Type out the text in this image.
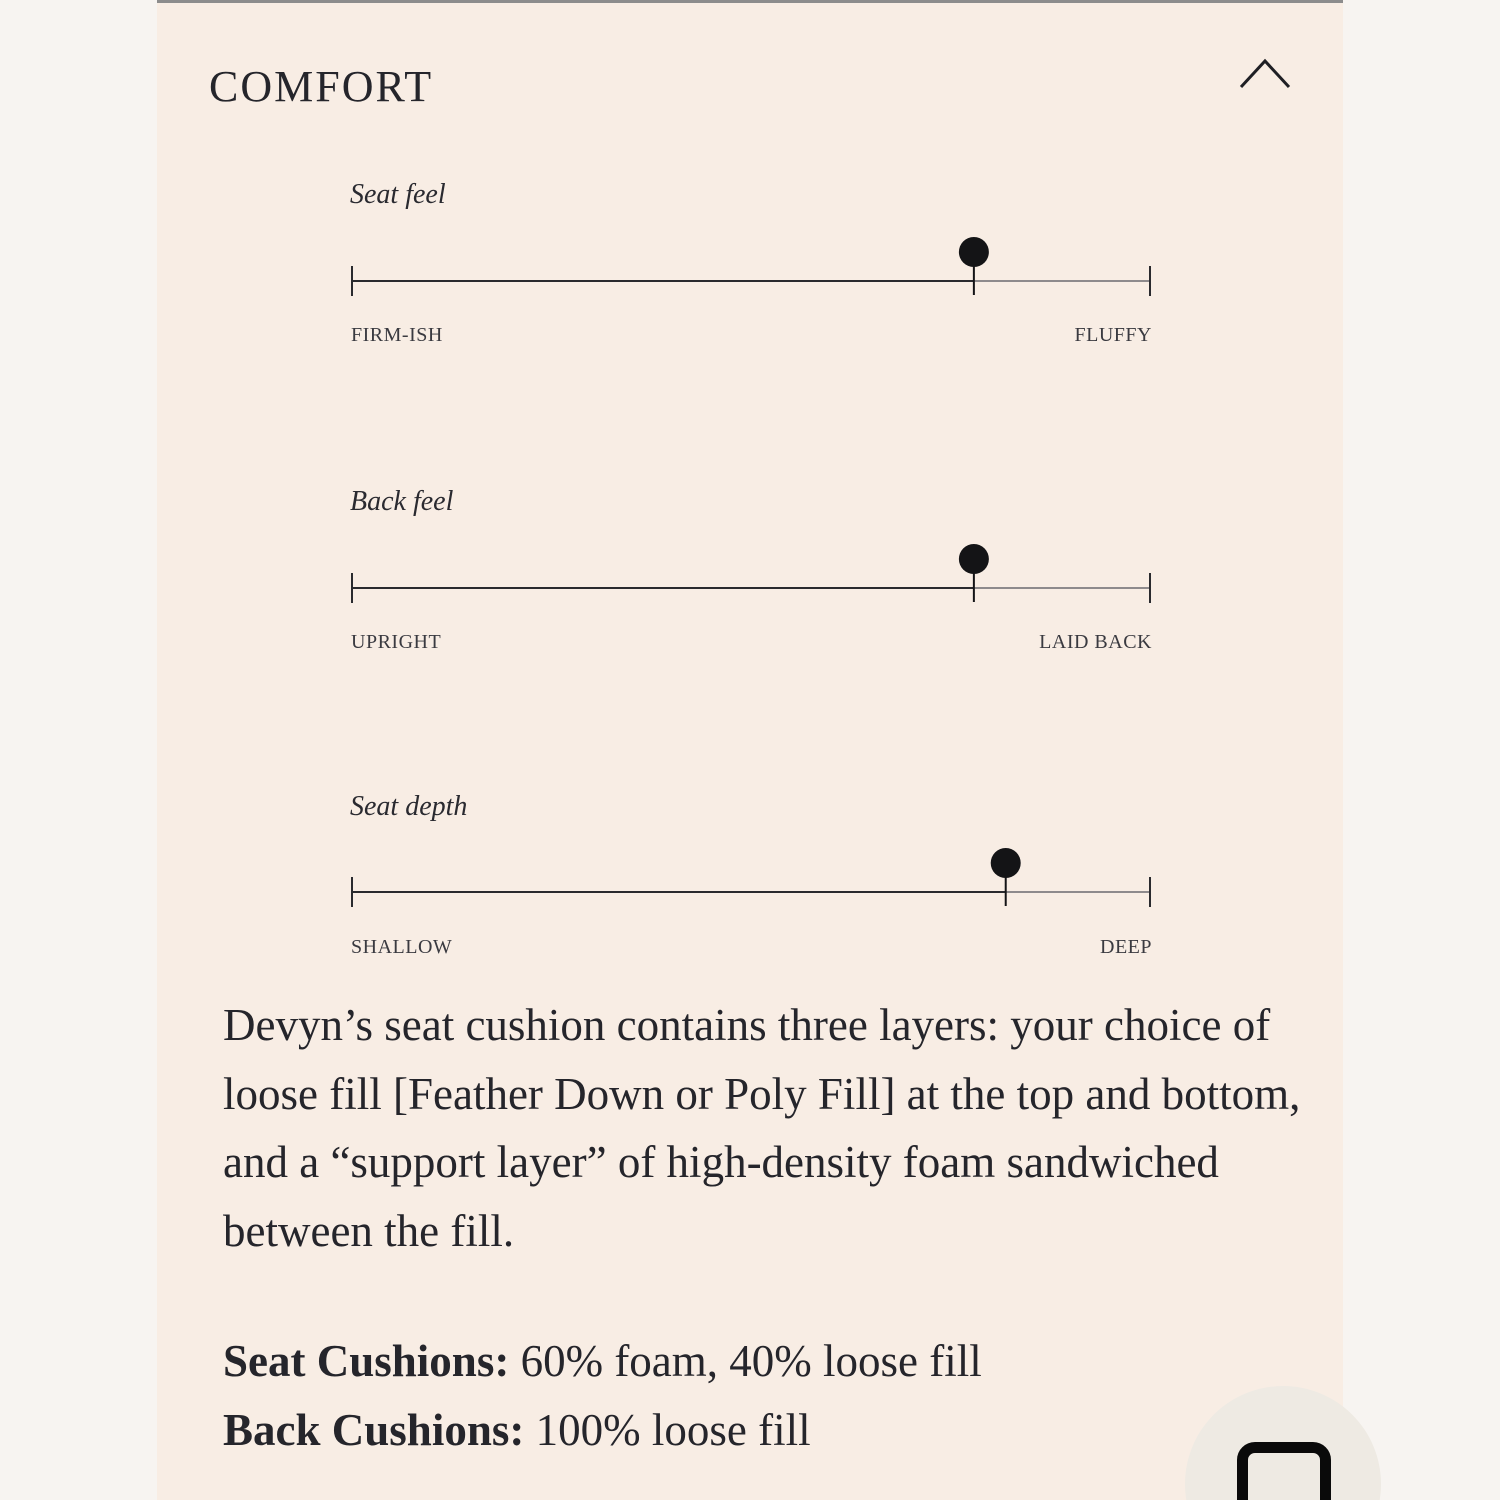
COMFORT
Seat feel
FIRM-ISH	FLUFFY
Back feel
UPRIGHT	LAID BACK
Seat depth
SHALLOW	DEEP

Devyn’s seat cushion contains three layers: your choice of loose fill [Feather Down or Poly Fill] at the top and bottom, and a “support layer” of high-density foam sandwiched between the fill.

Seat Cushions: 60% foam, 40% loose fill
Back Cushions: 100% loose fill
